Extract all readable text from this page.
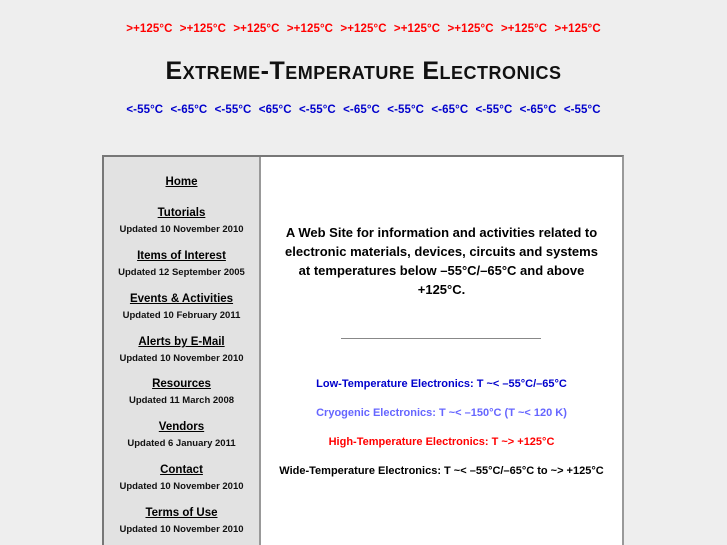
>+125°C >+125°C >+125°C >+125°C >+125°C >+125°C >+125°C >+125°C >+125°C
Extreme-Temperature Electronics
<-55°C <-65°C <-55°C <65°C <-55°C <-65°C <-55°C <-65°C <-55°C <-65°C <-55°C
Home
Tutorials
Updated 10 November 2010
Items of Interest
Updated 12 September 2005
Events & Activities
Updated 10 February 2011
Alerts by E-Mail
Updated 10 November 2010
Resources
Updated 11 March 2008
Vendors
Updated 6 January 2011
Contact
Updated 10 November 2010
Terms of Use
Updated 10 November 2010
A Web Site for information and activities related to electronic materials, devices, circuits and systems at temperatures below –55°C/–65°C and above +125°C.
Low-Temperature Electronics: T ~< –55°C/–65°C
Cryogenic Electronics: T ~< –150°C (T ~< 120 K)
High-Temperature Electronics: T ~> +125°C
Wide-Temperature Electronics: T ~< –55°C/–65°C to ~> +125°C
